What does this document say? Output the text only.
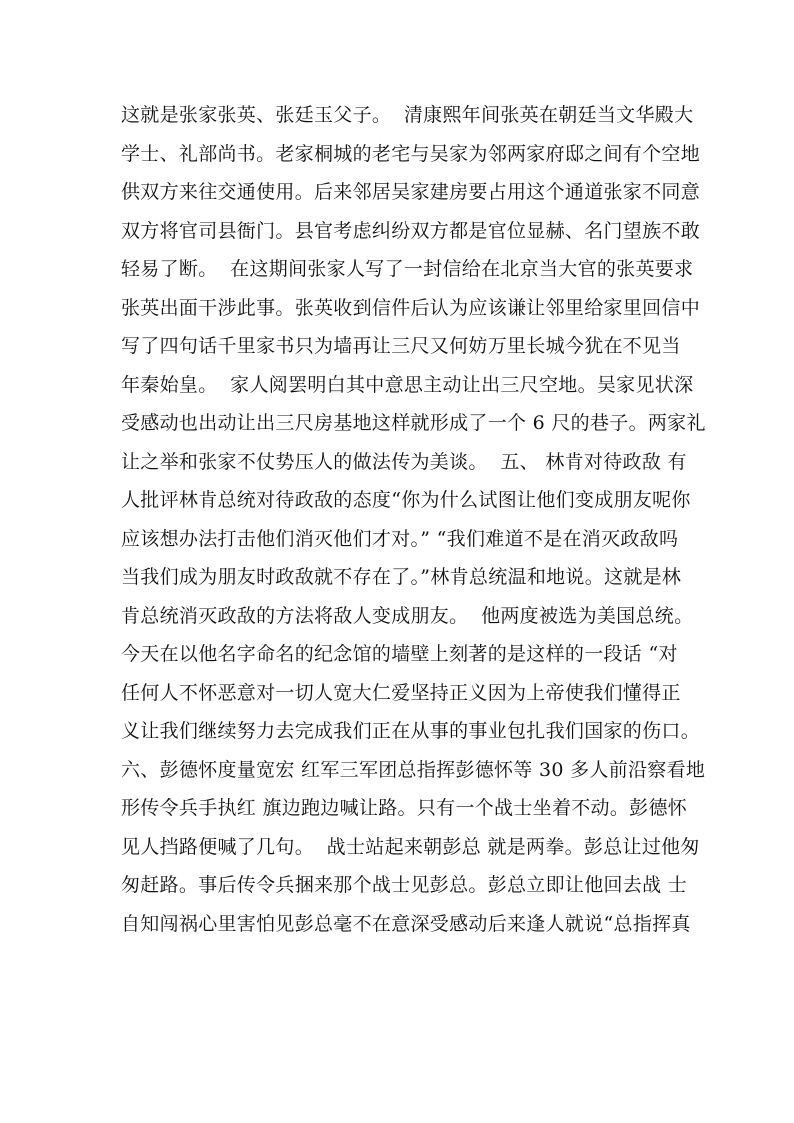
这就是张家张英、张廷玉父子。  清康熙年间张英在朝廷当文华殿大
学士、礼部尚书。老家桐城的老宅与吴家为邻两家府邸之间有个空地
供双方来往交通使用。后来邻居吴家建房要占用这个通道张家不同意
双方将官司县衙门。县官考虑纠纷双方都是官位显赫、名门望族不敢
轻易了断。  在这期间张家人写了一封信给在北京当大官的张英要求
张英出面干涉此事。张英收到信件后认为应该谦让邻里给家里回信中
写了四句话千里家书只为墙再让三尺又何妨万里长城今犹在不见当
年秦始皇。  家人阅罢明白其中意思主动让出三尺空地。吴家见状深
受感动也出动让出三尺房基地这样就形成了一个 6 尺的巷子。两家礼
让之举和张家不仗势压人的做法传为美谈。  五、 林肯对待政敌 有
人批评林肯总统对待政敌的态度“你为什么试图让他们变成朋友呢你
应该想办法打击他们消灭他们才对。” “我们难道不是在消灭政敌吗
当我们成为朋友时政敌就不存在了。”林肯总统温和地说。这就是林
肯总统消灭政敌的方法将敌人变成朋友。  他两度被选为美国总统。
今天在以他名字命名的纪念馆的墙壁上刻著的是这样的一段话 “对
任何人不怀恶意对一切人宽大仁爱坚持正义因为上帝使我们懂得正
义让我们继续努力去完成我们正在从事的事业包扎我们国家的伤口。
六、彭德怀度量宽宏 红军三军团总指挥彭德怀等 30 多人前沿察看地
形传令兵手执红 旗边跑边喊让路。只有一个战士坐着不动。彭德怀
见人挡路便喊了几句。  战士站起来朝彭总 就是两拳。彭总让过他匆
匆赶路。事后传令兵捆来那个战士见彭总。彭总立即让他回去战 士
自知闯祸心里害怕见彭总毫不在意深受感动后来逢人就说“总指挥真
